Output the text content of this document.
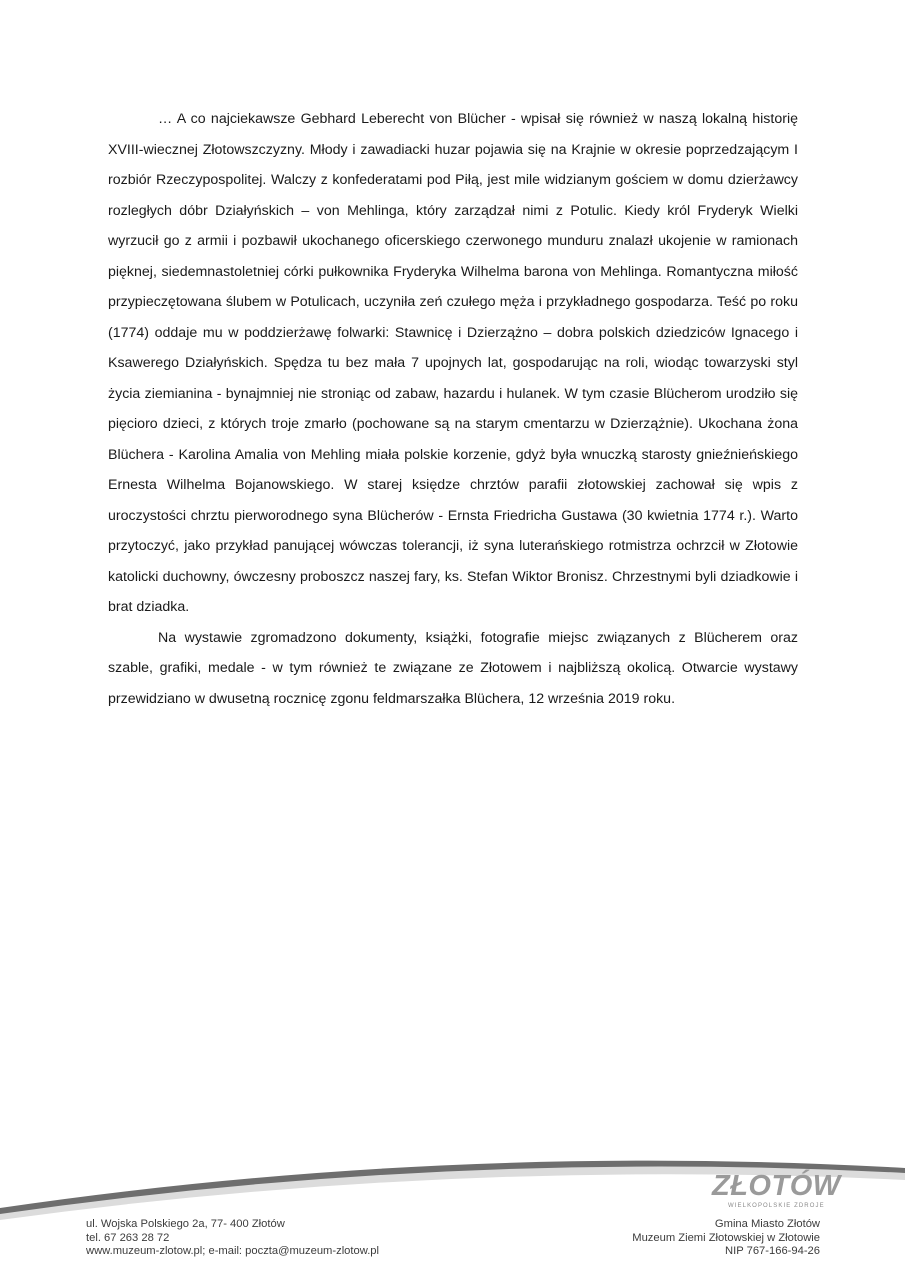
… A co najciekawsze Gebhard Leberecht von Blücher - wpisał się również w naszą lokalną historię XVIII-wiecznej Złotowszczyzny. Młody i zawadiacki huzar pojawia się na Krajnie w okresie poprzedzającym I rozbiór Rzeczypospolitej. Walczy z konfederatami pod Piłą, jest mile widzianym gościem w domu dzierżawcy rozległych dóbr Działyńskich – von Mehlinga, który zarządzał nimi z Potulic. Kiedy król Fryderyk Wielki wyrzucił go z armii i pozbawił ukochanego oficerskiego czerwonego munduru znalazł ukojenie w ramionach pięknej, siedemnastoletniej córki pułkownika Fryderyka Wilhelma barona von Mehlinga. Romantyczna miłość przypieczętowana ślubem w Potulicach, uczyniła zeń czułego męża i przykładnego gospodarza. Teść po roku (1774) oddaje mu w poddzierżawę folwarki: Stawnicę i Dzierzążno – dobra polskich dziedziców Ignacego i Ksawerego Działyńskich. Spędza tu bez mała 7 upojnych lat, gospodarując na roli, wiodąc towarzyski styl życia ziemianina - bynajmniej nie stroniąc od zabaw, hazardu i hulanek. W tym czasie Blücherom urodziło się pięcioro dzieci, z których troje zmarło (pochowane są na starym cmentarzu w Dzierzążnie). Ukochana żona Blüchera - Karolina Amalia von Mehling miała polskie korzenie, gdyż była wnuczką starosty gnieźnieńskiego Ernesta Wilhelma Bojanowskiego. W starej księdze chrztów parafii złotowskiej zachował się wpis z uroczystości chrztu pierworodnego syna Blücherów - Ernsta Friedricha Gustawa (30 kwietnia 1774 r.). Warto przytoczyć, jako przykład panującej wówczas tolerancji, iż syna luterańskiego rotmistrza ochrzcił w Złotowie katolicki duchowny, ówczesny proboszcz naszej fary, ks. Stefan Wiktor Bronisz. Chrzestnymi byli dziadkowie i brat dziadka.

Na wystawie zgromadzono dokumenty, książki, fotografie miejsc związanych z Blücherem oraz szable, grafiki, medale - w tym również te związane ze Złotowem i najbliższą okolicą. Otwarcie wystawy przewidziano w dwusetną rocznicę zgonu feldmarszałka Blüchera, 12 września 2019 roku.

ZŁOTÓW
WIELKOPOLSKIE ZDROJE
ul. Wojska Polskiego 2a, 77- 400 Złotów
tel. 67 263 28 72
www.muzeum-zlotow.pl; e-mail: poczta@muzeum-zlotow.pl
Gmina Miasto Złotów
Muzeum Ziemi Złotowskiej w Złotowie
NIP 767-166-94-26
